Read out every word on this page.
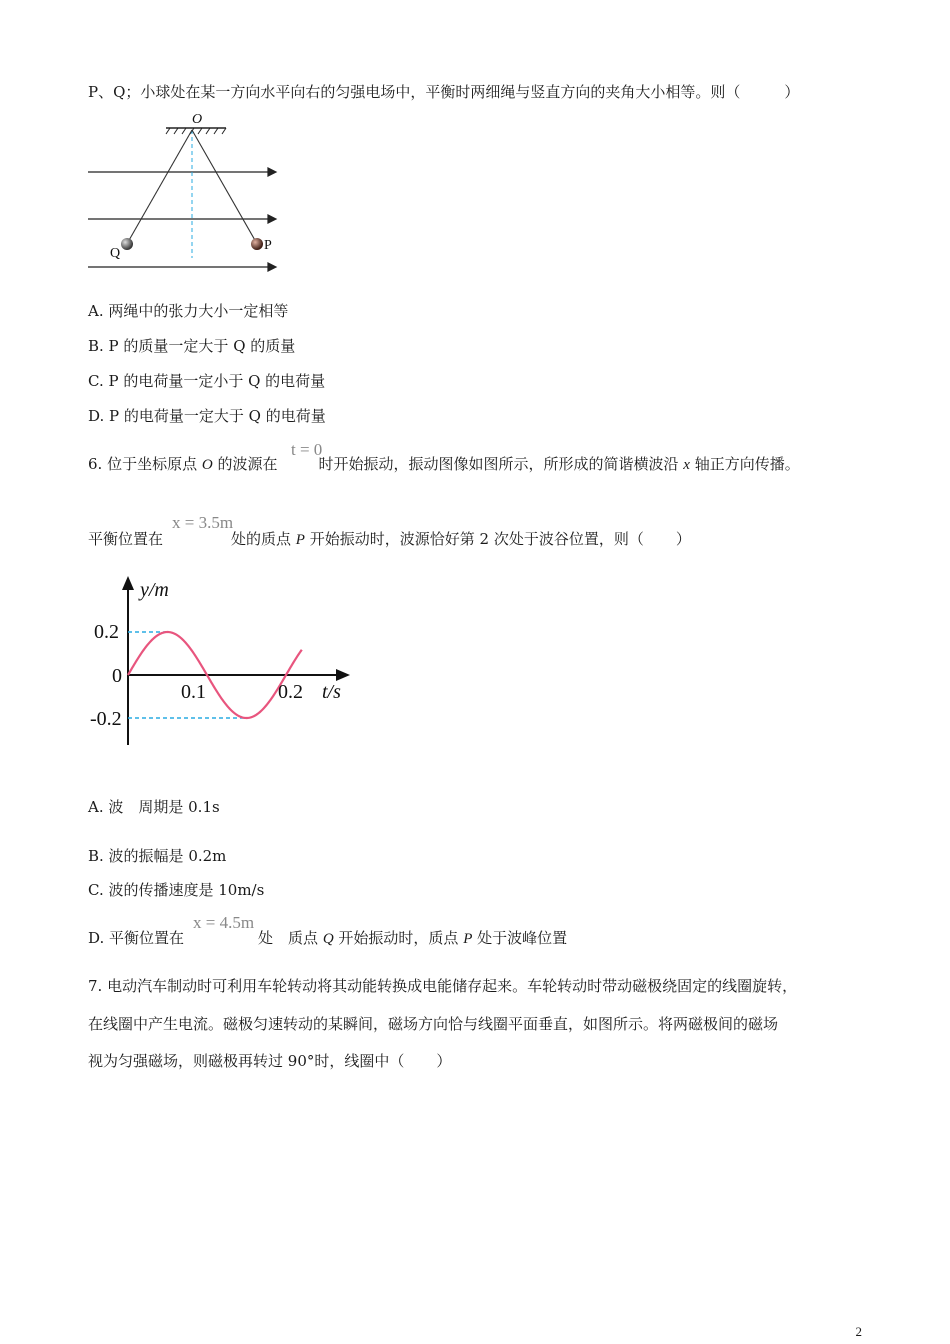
P、Q；小球处在某一方向水平向右的匀强电场中，平衡时两细绳与竖直方向的夹角大小相等。则（	）
O
Q
P
A. 两绳中的张力大小一定相等
B. P 的质量一定大于 Q 的质量
C. P 的电荷量一定小于 Q 的电荷量
D. P 的电荷量一定大于 Q 的电荷量
6. 位于坐标原点 O 的波源在	时开始振动，振动图像如图所示，所形成的简谐横波沿 x 轴正方向传播。
t = 0
平衡位置在	处的质点 P 开始振动时，波源恰好第 2 次处于波谷位置，则（ ）
x = 3.5m
y/m
t/s
0.2
0
-0.2
0.1	0.2
A. 波　周期是 0.1s
B. 波的振幅是 0.2m
C. 波的传播速度是 10m/s
D. 平衡位置在	处　质点 Q 开始振动时，质点 P 处于波峰位置
x = 4.5m
7. 电动汽车制动时可利用车轮转动将其动能转换成电能储存起来。车轮转动时带动磁极绕固定的线圈旋转，
在线圈中产生电流。磁极匀速转动的某瞬间，磁场方向恰与线圈平面垂直，如图所示。将两磁极间的磁场
视为匀强磁场，则磁极再转过 90°时，线圈中（ ）
2
